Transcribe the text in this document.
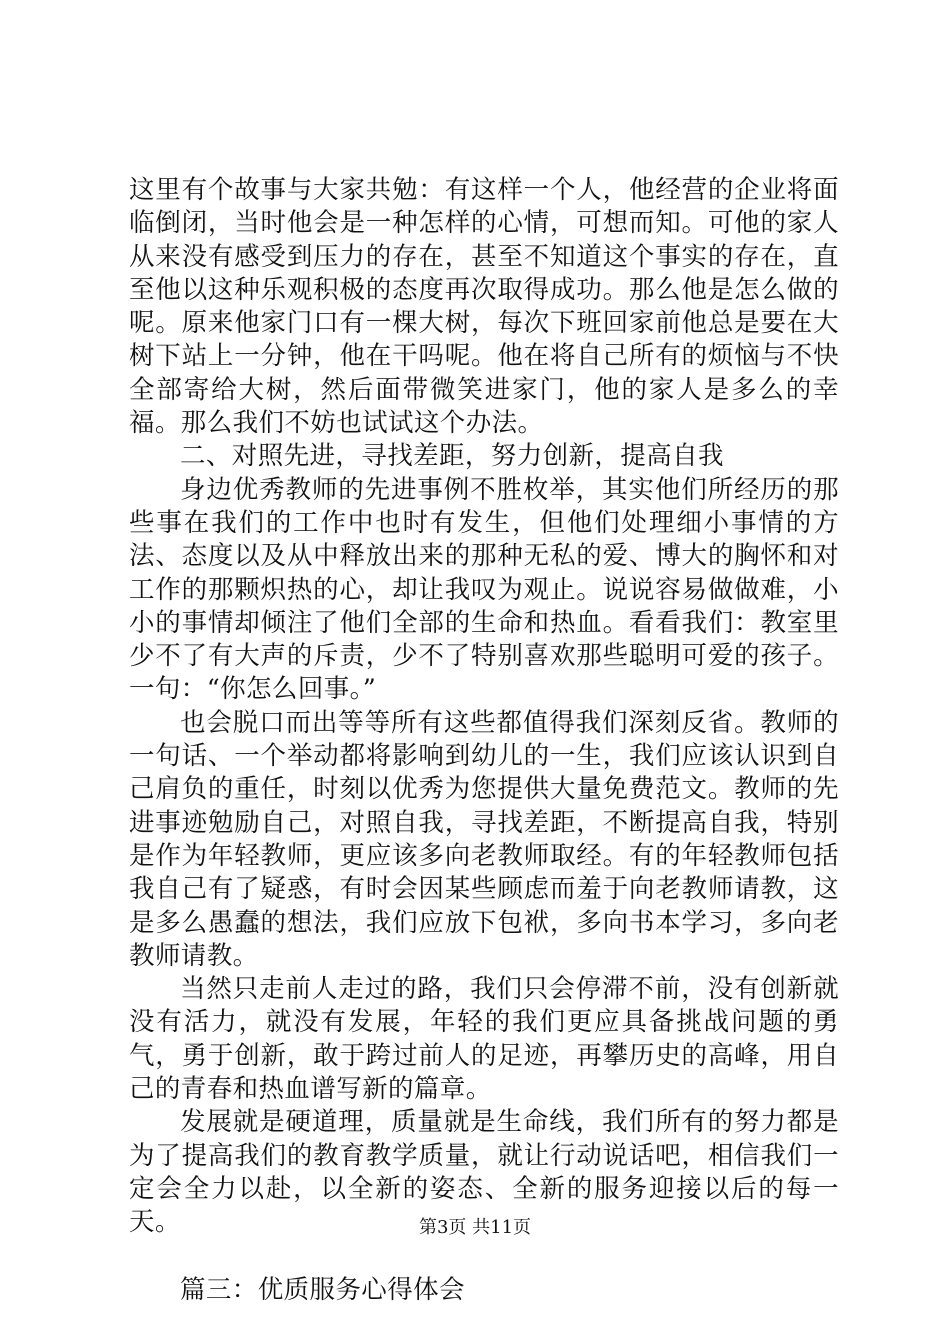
这里有个故事与大家共勉：有这样一个人，他经营的企业将面临倒闭，当时他会是一种怎样的心情，可想而知。可他的家人从来没有感受到压力的存在，甚至不知道这个事实的存在，直至他以这种乐观积极的态度再次取得成功。那么他是怎么做的呢。原来他家门口有一棵大树，每次下班回家前他总是要在大树下站上一分钟，他在干吗呢。他在将自己所有的烦恼与不快全部寄给大树，然后面带微笑进家门，他的家人是多么的幸福。那么我们不妨也试试这个办法。

二、对照先进，寻找差距，努力创新，提高自我

身边优秀教师的先进事例不胜枚举，其实他们所经历的那些事在我们的工作中也时有发生，但他们处理细小事情的方法、态度以及从中释放出来的那种无私的爱、博大的胸怀和对工作的那颗炽热的心，却让我叹为观止。说说容易做做难，小小的事情却倾注了他们全部的生命和热血。看看我们：教室里少不了有大声的斥责，少不了特别喜欢那些聪明可爱的孩子。一句：“你怎么回事。”

也会脱口而出等等所有这些都值得我们深刻反省。教师的一句话、一个举动都将影响到幼儿的一生，我们应该认识到自己肩负的重任，时刻以优秀为您提供大量免费范文。教师的先进事迹勉励自己，对照自我，寻找差距，不断提高自我，特别是作为年轻教师，更应该多向老教师取经。有的年轻教师包括我自己有了疑惑，有时会因某些顾虑而羞于向老教师请教，这是多么愚蠢的想法，我们应放下包袱，多向书本学习，多向老教师请教。

当然只走前人走过的路，我们只会停滞不前，没有创新就没有活力，就没有发展，年轻的我们更应具备挑战问题的勇气，勇于创新，敢于跨过前人的足迹，再攀历史的高峰，用自己的青春和热血谱写新的篇章。

发展就是硬道理，质量就是生命线，我们所有的努力都是为了提高我们的教育教学质量，就让行动说话吧，相信我们一定会全力以赴，以全新的姿态、全新的服务迎接以后的每一天。

篇三：优质服务心得体会

第3页 共11页
